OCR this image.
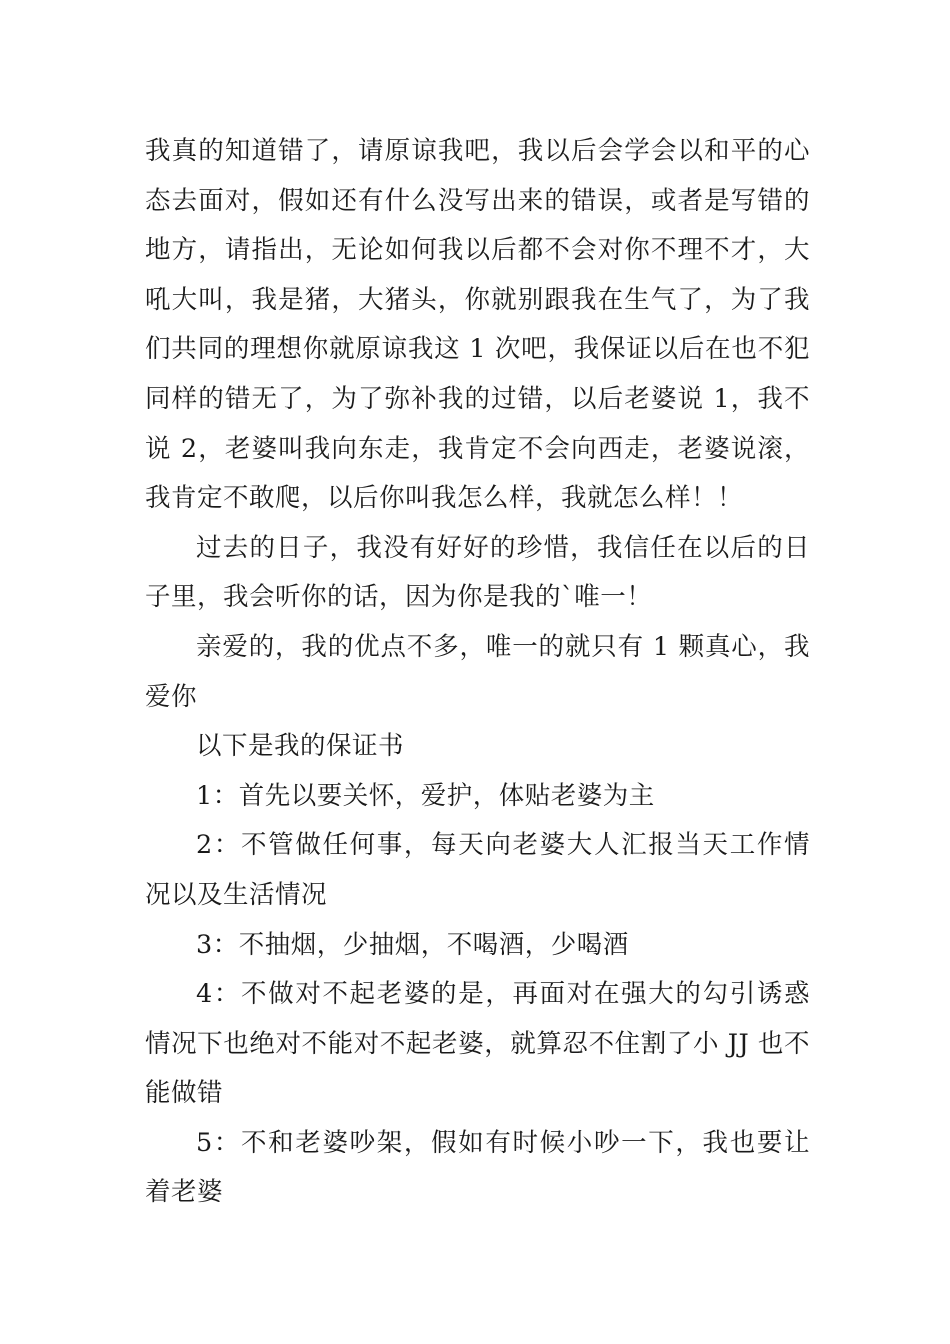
我真的知道错了，请原谅我吧，我以后会学会以和平的心态去面对，假如还有什么没写出来的错误，或者是写错的地方，请指出，无论如何我以后都不会对你不理不才，大吼大叫，我是猪，大猪头，你就别跟我在生气了，为了我们共同的理想你就原谅我这 1 次吧，我保证以后在也不犯同样的错无了，为了弥补我的过错，以后老婆说 1，我不说 2，老婆叫我向东走，我肯定不会向西走，老婆说滚，我肯定不敢爬，以后你叫我怎么样，我就怎么样！！

过去的日子，我没有好好的珍惜，我信任在以后的日子里，我会听你的话，因为你是我的`唯一！

亲爱的，我的优点不多，唯一的就只有 1 颗真心，我爱你

以下是我的保证书

1：首先以要关怀，爱护，体贴老婆为主

2：不管做任何事，每天向老婆大人汇报当天工作情况以及生活情况

3：不抽烟，少抽烟，不喝酒，少喝酒

4：不做对不起老婆的是，再面对在强大的勾引诱惑情况下也绝对不能对不起老婆，就算忍不住割了小 JJ 也不能做错

5：不和老婆吵架，假如有时候小吵一下，我也要让着老婆
